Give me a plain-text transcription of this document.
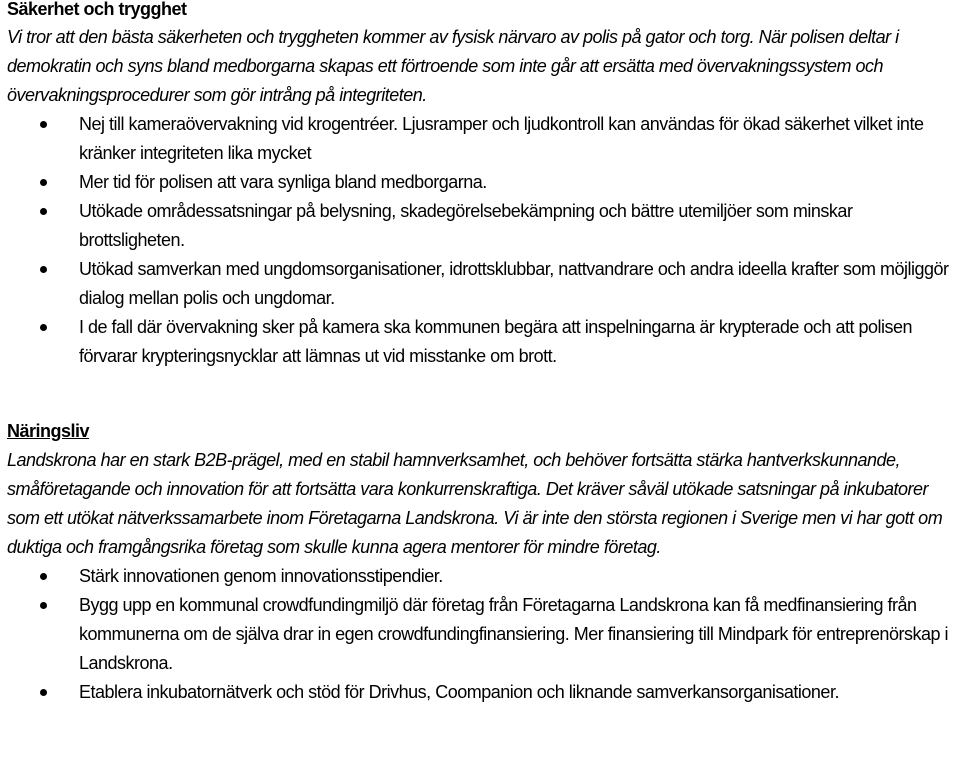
Säkerhet och trygghet

Vi tror att den bästa säkerheten och tryggheten kommer av fysisk närvaro av polis på gator och torg. När polisen deltar i demokratin och syns bland medborgarna skapas ett förtroende som inte går att ersätta med övervakningssystem och övervakningsprocedurer som gör intrång på integriteten.

Nej till kameraövervakning vid krogentréer. Ljusramper och ljudkontroll kan användas för ökad säkerhet vilket inte kränker integriteten lika mycket
Mer tid för polisen att vara synliga bland medborgarna.
Utökade områdessatsningar på belysning, skadegörelsebekämpning och bättre utemiljöer som minskar brottsligheten.
Utökad samverkan med ungdomsorganisationer, idrottsklubbar, nattvandrare och andra ideella krafter som möjliggör dialog mellan polis och ungdomar.
I de fall där övervakning sker på kamera ska kommunen begära att inspelningarna är krypterade och att polisen förvarar krypteringsnycklar att lämnas ut vid misstanke om brott.
Näringsliv

Landskrona har en stark B2B-prägel, med en stabil hamnverksamhet, och behöver fortsätta stärka hantverkskunnande, småföretagande och innovation för att fortsätta vara konkurrenskraftiga. Det kräver såväl utökade satsningar på inkubatorer som ett utökat nätverkssamarbete inom Företagarna Landskrona. Vi är inte den största regionen i Sverige men vi har gott om duktiga och framgångsrika företag som skulle kunna agera mentorer för mindre företag.

Stärk innovationen genom innovationsstipendier.
Bygg upp en kommunal crowdfundingmiljö där företag från Företagarna Landskrona kan få medfinansiering från kommunerna om de själva drar in egen crowdfundingfinansiering. Mer finansiering till Mindpark för entreprenörskap i Landskrona.
Etablera inkubatornätverk och stöd för Drivhus, Coompanion och liknande samverkansorganisationer.
